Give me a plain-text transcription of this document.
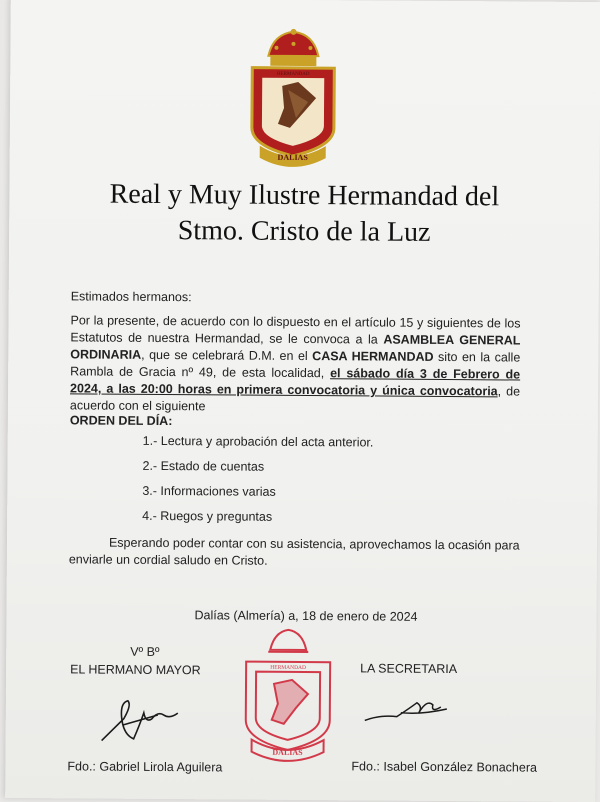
DALIAS
HERMANDAD
Real y Muy Ilustre Hermandad del
Stmo. Cristo de la Luz
Estimados hermanos:
Por la presente, de acuerdo con lo dispuesto en el artículo 15 y siguientes de los Estatutos de nuestra Hermandad, se le convoca a la ASAMBLEA GENERAL ORDINARIA, que se celebrará D.M. en el CASA HERMANDAD sito en la calle Rambla de Gracia nº 49, de esta localidad, el sábado día 3 de Febrero de 2024, a las 20:00 horas en primera convocatoria y única convocatoria, de acuerdo con el siguiente
ORDEN DEL DÍA:
1.- Lectura y aprobación del acta anterior.
2.- Estado de cuentas
3.- Informaciones varias
4.- Ruegos y preguntas
Esperando poder contar con su asistencia, aprovechamos la ocasión para enviarle un cordial saludo en Cristo.
Dalías (Almería) a, 18 de enero de 2024
Vº Bº
EL HERMANO MAYOR	LA SECRETARIA
HERMANDAD
DALIAS
Fdo.: Gabriel Lirola Aguilera	Fdo.: Isabel González Bonachera
